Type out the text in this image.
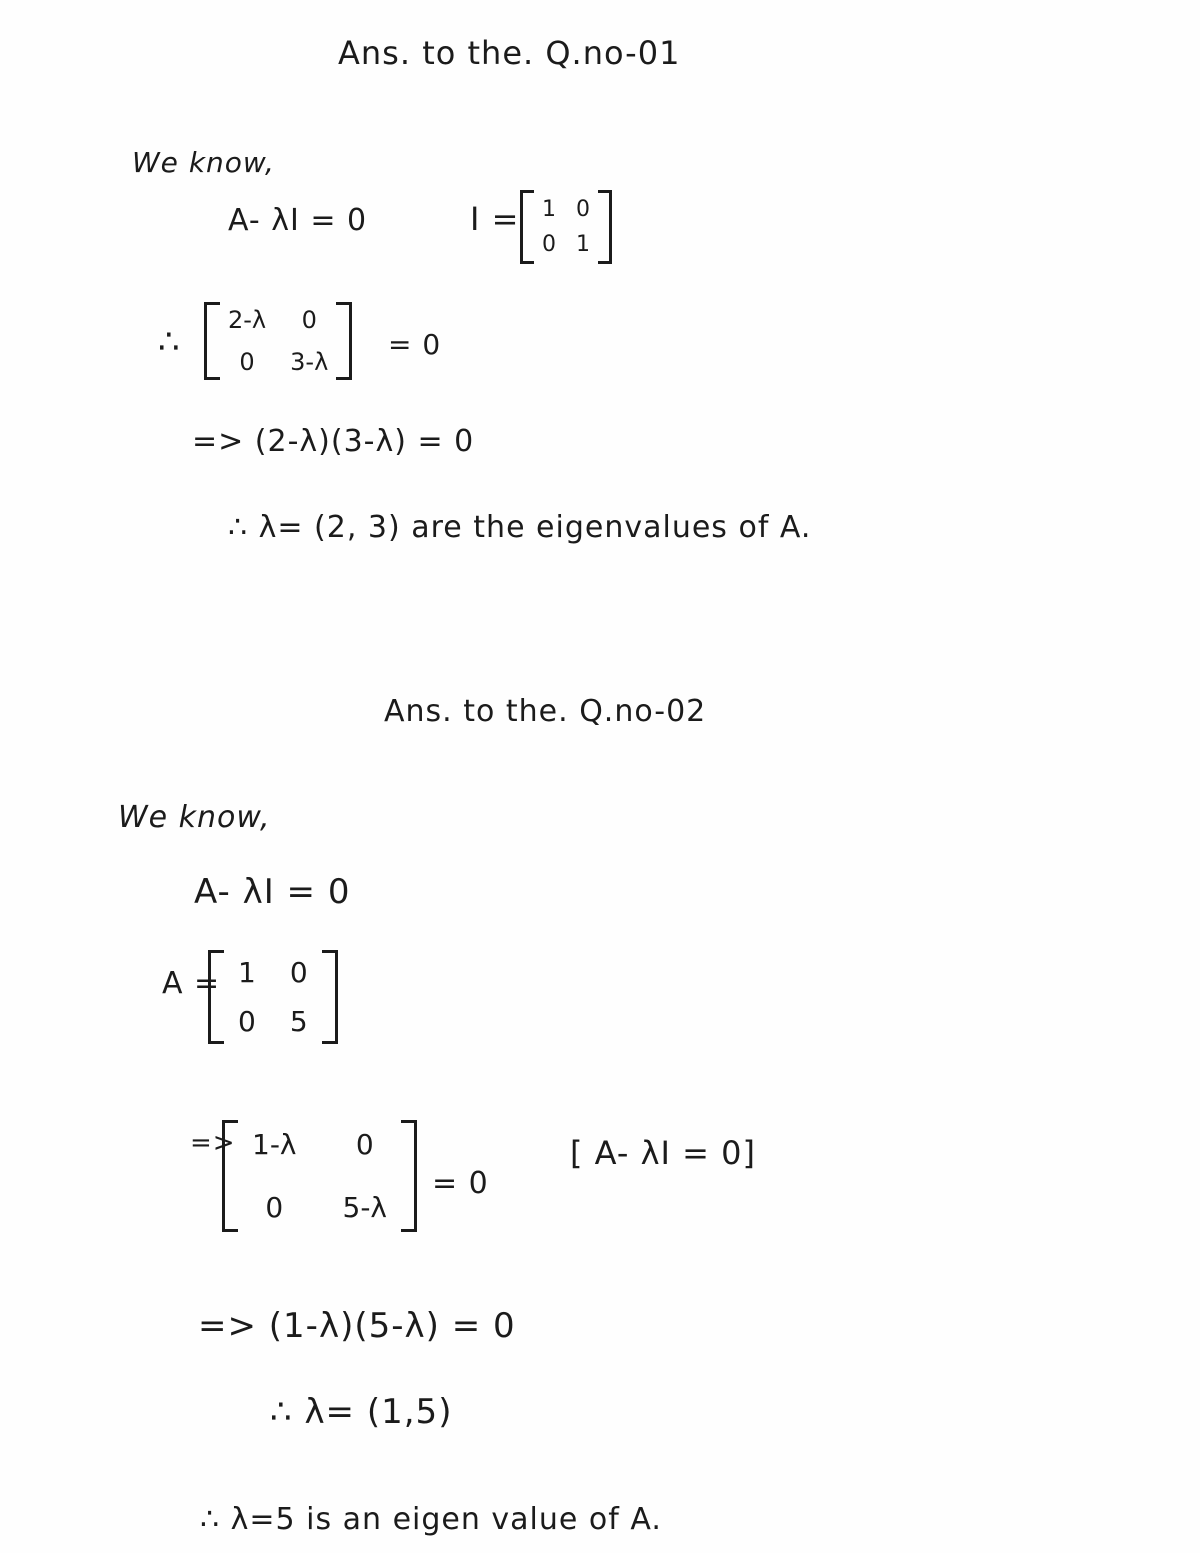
Ans. to the. Q.no-01
We know,
A- λI = 0	I = 1 0
0 1
∴
2-λ	0
0	3-λ
= 0
=> (2-λ)(3-λ) = 0
∴ λ= (2, 3) are the eigenvalues of A.
Ans. to the. Q.no-02
We know,
A- λI = 0
A = 1 0
0 5
=> 1-λ	0
0	5-λ
= 0
[ A- λI = 0]
=> (1-λ)(5-λ) = 0
∴ λ= (1,5)
∴ λ=5 is an eigen value of A.
